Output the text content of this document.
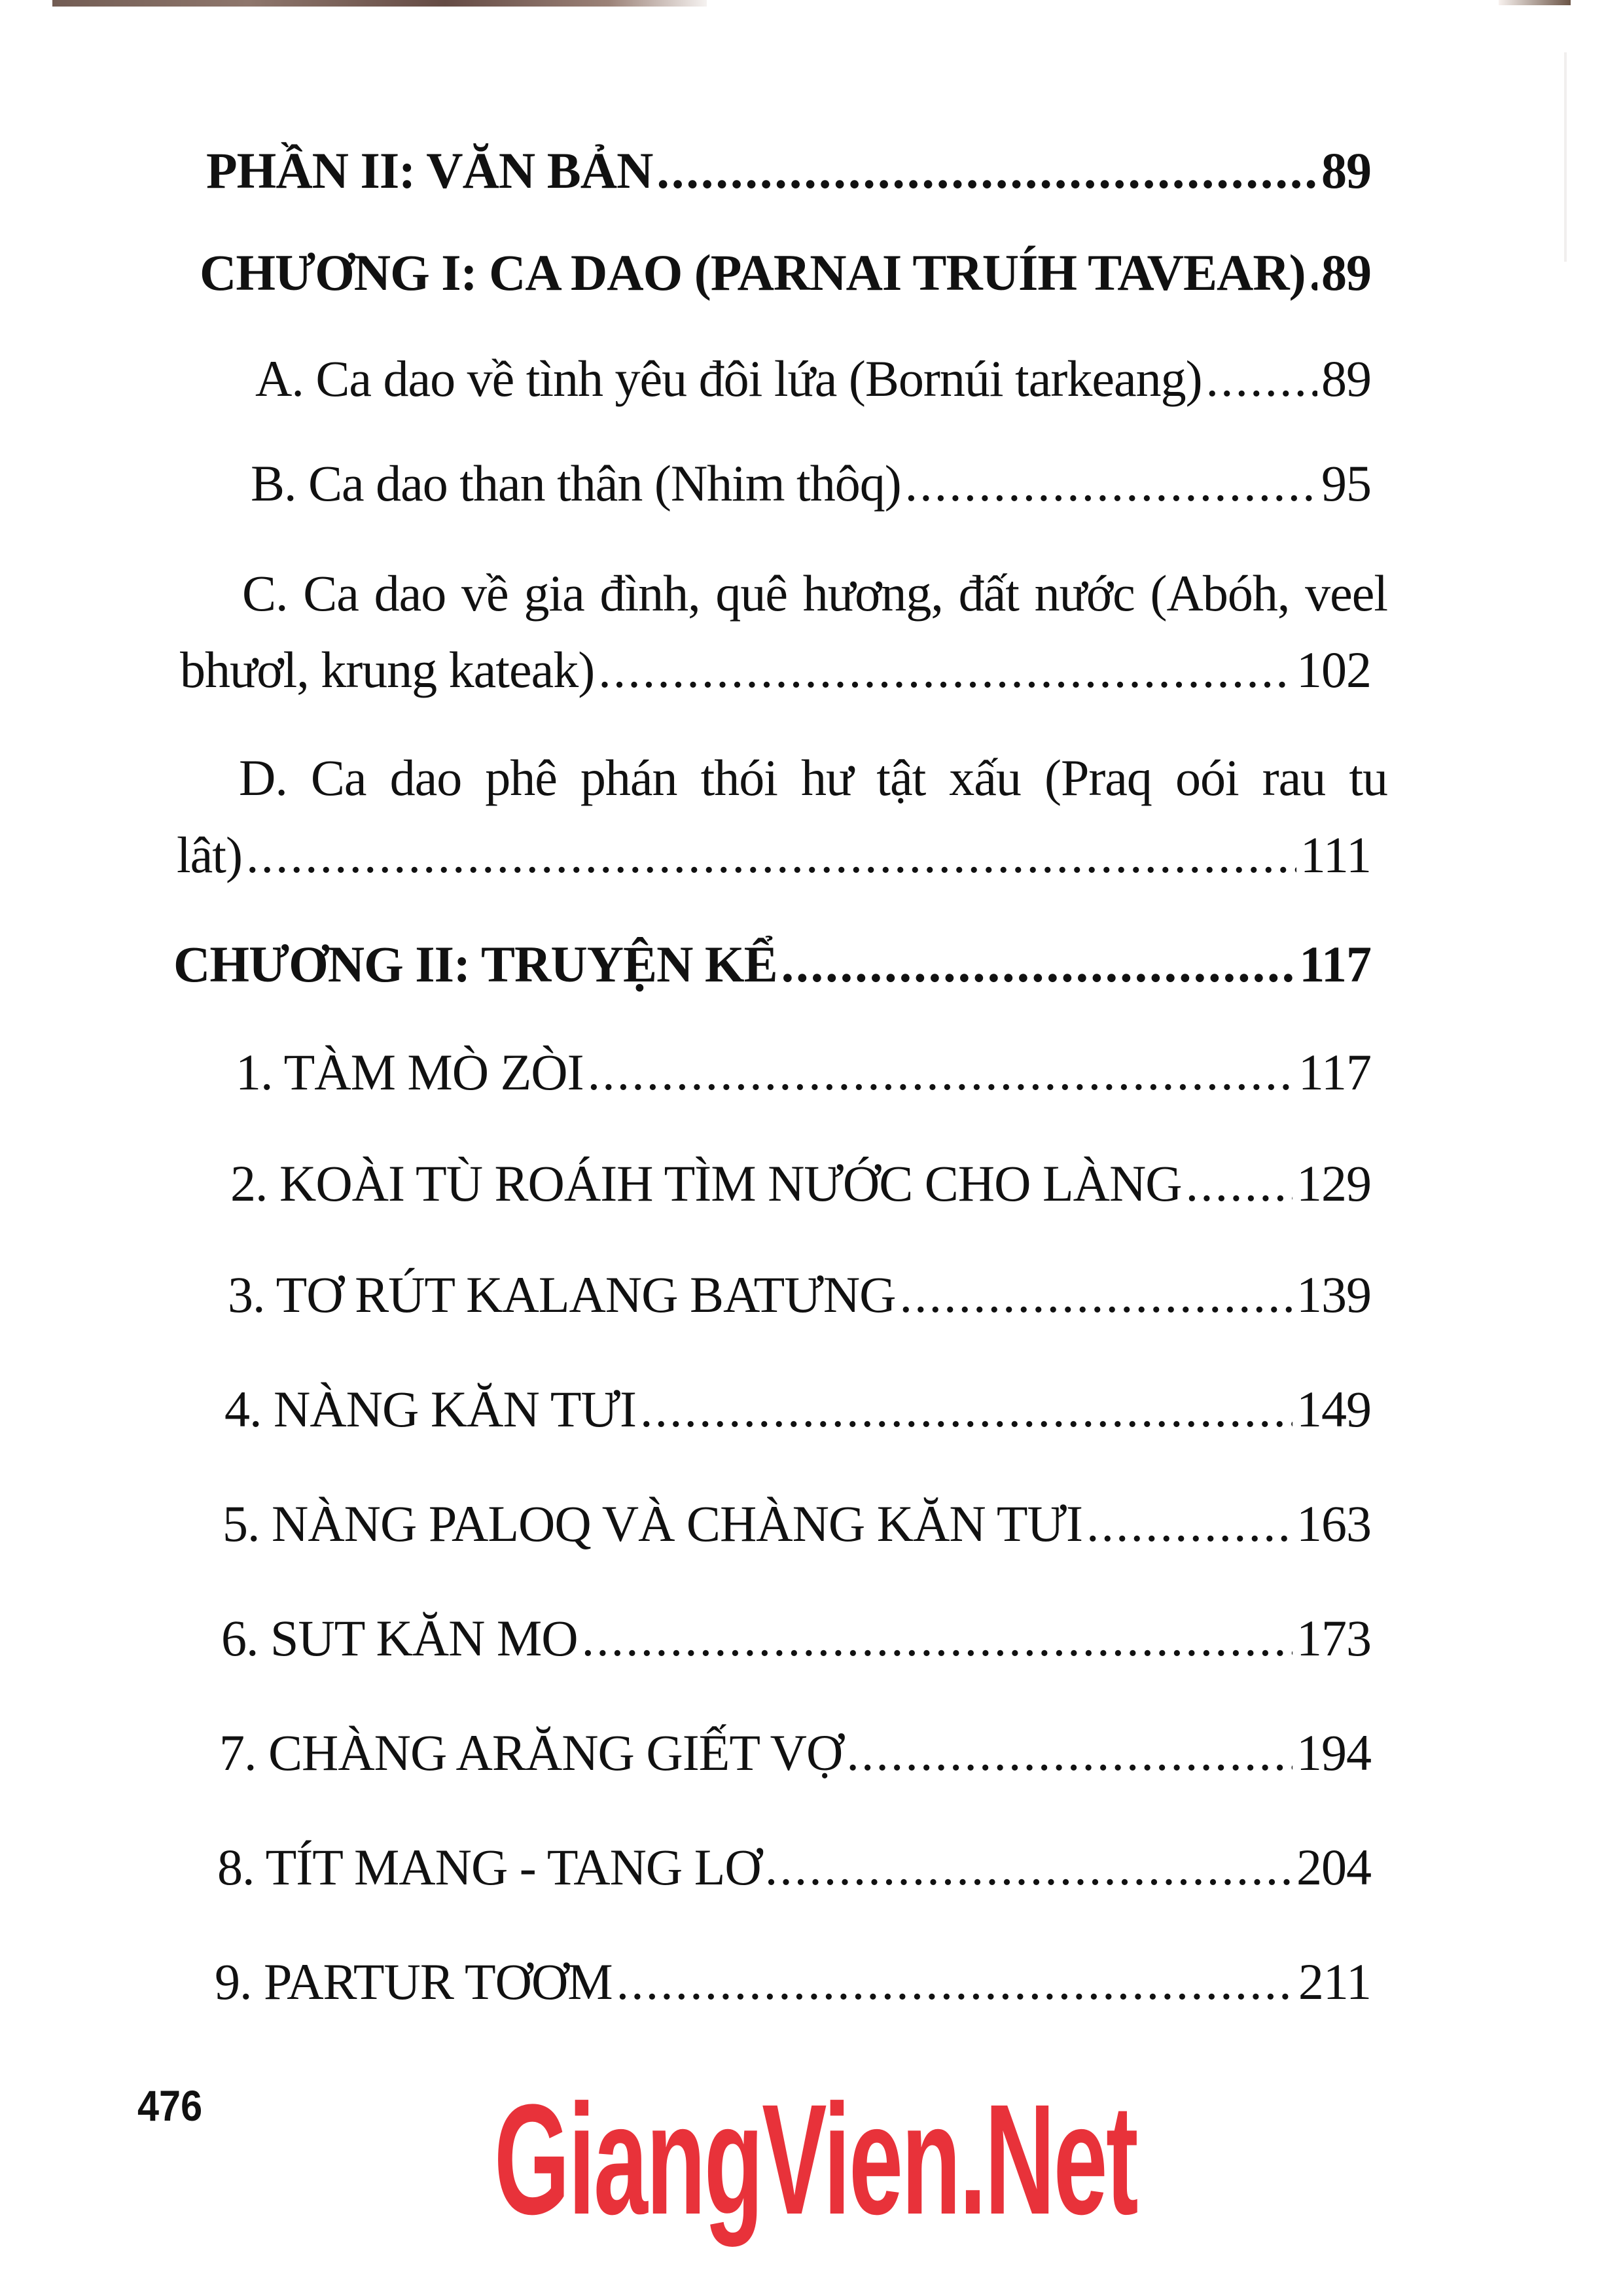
PHẦN II: VĂN BẢN .....	89
CHƯƠNG I: CA DAO (PARNAI TRUÍH TAVEAR) ..... 89
A. Ca dao về tình yêu đôi lứa (Bornúi tarkeang) ..... 89
B. Ca dao than thân (Nhim thôq) .....	95
C. Ca dao về gia đình, quê hương, đất nước (Abóh, veel
bhươl, krung kateak) .....	102
D. Ca dao phê phán thói hư tật xấu (Praq oói rau tu
lât) .....	111
CHƯƠNG II: TRUYỆN KỂ .....	117
1. TÀM MÒ ZÒI .....	117
2. KOÀI TÙ ROÁIH TÌM NƯỚC CHO LÀNG ..... 129
3. TƠ RÚT KALANG BATƯNG .....	139
4. NÀNG KĂN TƯI .....	149
5. NÀNG PALOQ VÀ CHÀNG KĂN TƯI .....	163
6. SUT KĂN MO .....	173
7. CHÀNG ARĂNG GIẾT VỢ .....	194
8. TÍT MANG - TANG LƠ .....	204
9. PARTUR TƠƠM .....	211
476 GiangVien.Net
